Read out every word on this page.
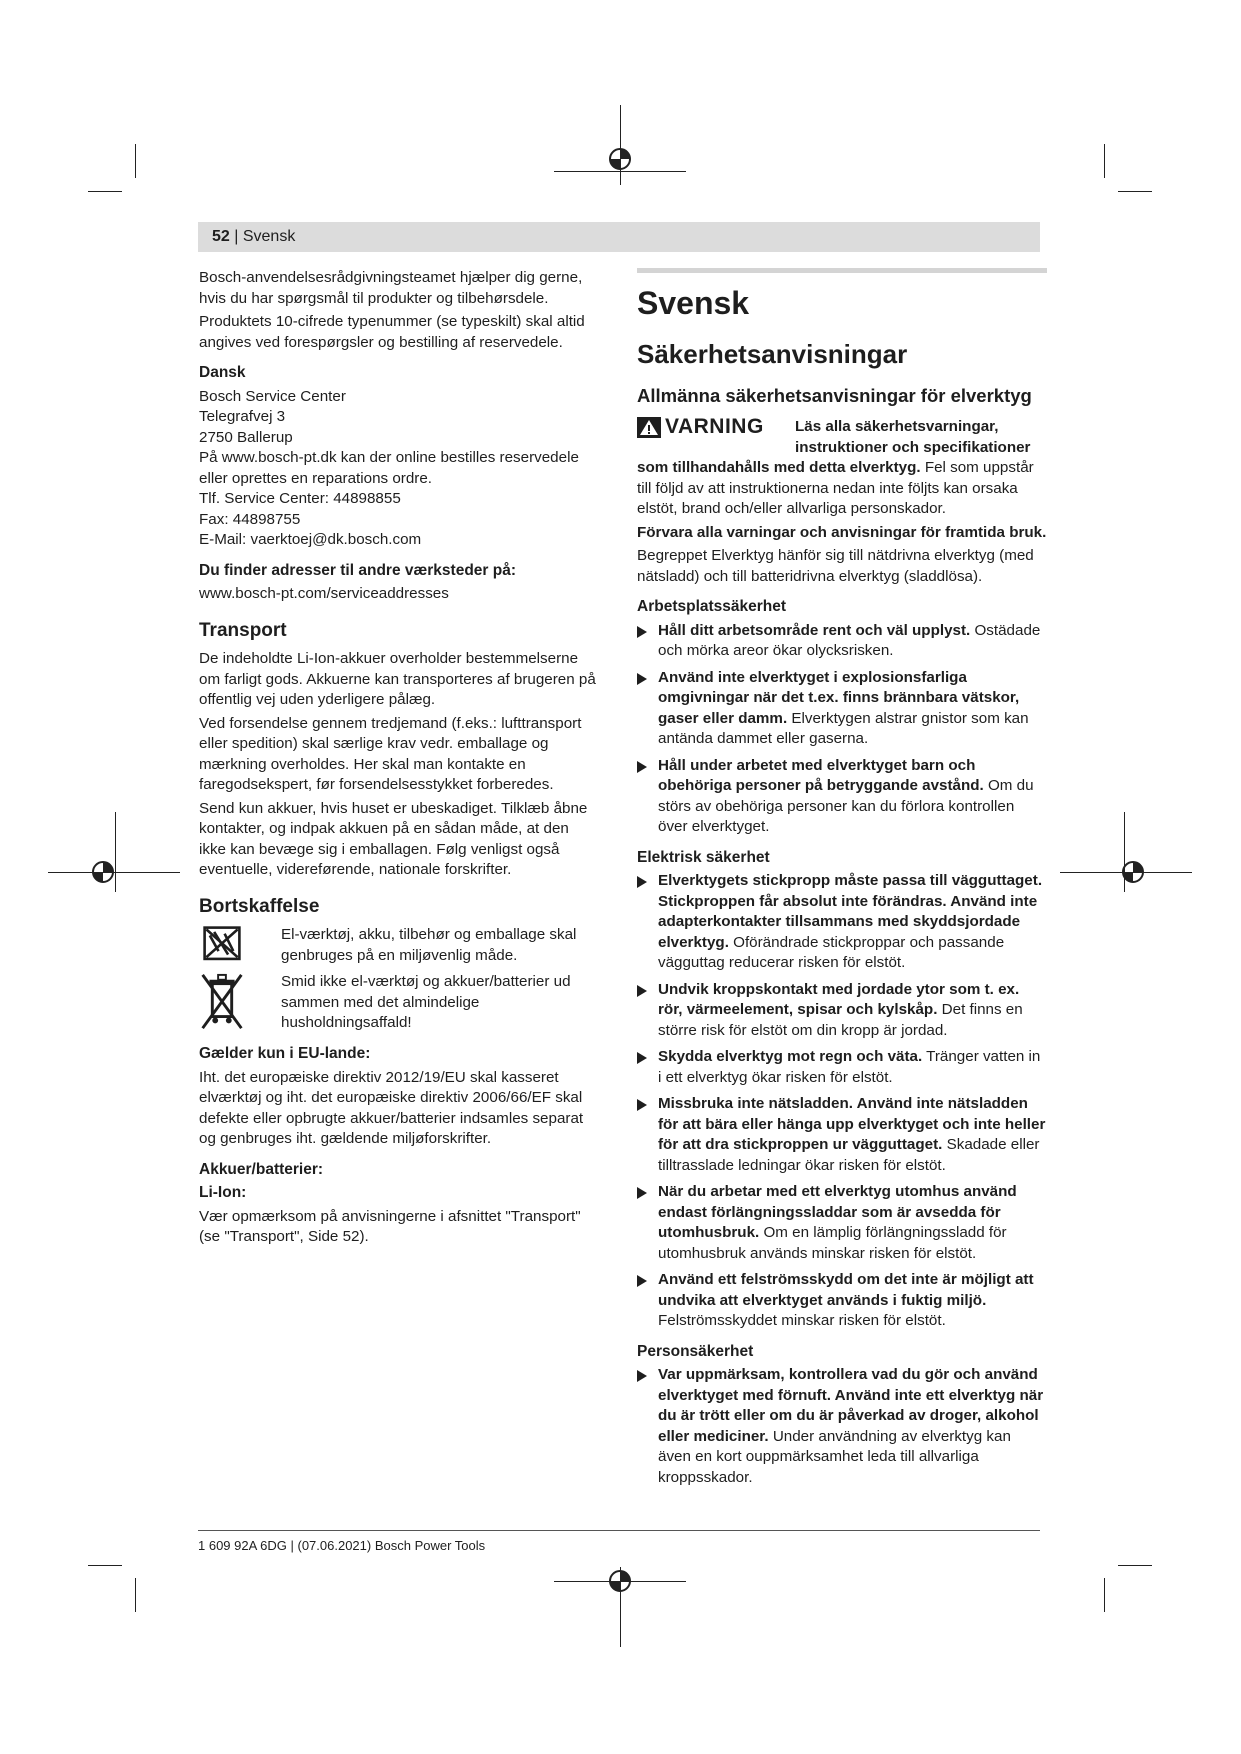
52 | Svensk

Bosch-anvendelsesrådgivningsteamet hjælper dig gerne, hvis du har spørgsmål til produkter og tilbehørsdele.

Produktets 10-cifrede typenummer (se typeskilt) skal altid angives ved forespørgsler og bestilling af reservedele.

Dansk
Bosch Service Center
Telegrafvej 3
2750 Ballerup
På www.bosch-pt.dk kan der online bestilles reservedele eller oprettes en reparations ordre.
Tlf. Service Center: 44898855
Fax: 44898755
E-Mail: vaerktoej@dk.bosch.com
Du finder adresser til andre værksteder på:
www.bosch-pt.com/serviceaddresses
Transport

De indeholdte Li-Ion-akkuer overholder bestemmelserne om farligt gods. Akkuerne kan transporteres af brugeren på offentlig vej uden yderligere pålæg.

Ved forsendelse gennem tredjemand (f.eks.: lufttransport eller spedition) skal særlige krav vedr. emballage og mærkning overholdes. Her skal man kontakte en faregodsekspert, før forsendelsesstykket forberedes.

Send kun akkuer, hvis huset er ubeskadiget. Tilklæb åbne kontakter, og indpak akkuen på en sådan måde, at den ikke kan bevæge sig i emballagen. Følg venligst også eventuelle, videreførende, nationale forskrifter.

Bortskaffelse
El-værktøj, akku, tilbehør og emballage skal genbruges på en miljøvenlig måde.
Smid ikke el-værktøj og akkuer/batterier ud sammen med det almindelige husholdningsaffald!
Gælder kun i EU-lande:

Iht. det europæiske direktiv 2012/19/EU skal kasseret elværktøj og iht. det europæiske direktiv 2006/66/EF skal defekte eller opbrugte akkuer/batterier indsamles separat og genbruges iht. gældende miljøforskrifter.

Akkuer/batterier:
Li-Ion:

Vær opmærksom på anvisningerne i afsnittet "Transport" (se "Transport", Side 52).

Svensk
Säkerhetsanvisningar
Allmänna säkerhetsanvisningar för elverktyg
VARNING Läs alla säkerhetsvarningar, instruktioner och specifikationer

som tillhandahålls med detta elverktyg. Fel som uppstår till följd av att instruktionerna nedan inte följts kan orsaka elstöt, brand och/eller allvarliga personskador.

Förvara alla varningar och anvisningar för framtida bruk.

Begreppet Elverktyg hänför sig till nätdrivna elverktyg (med nätsladd) och till batteridrivna elverktyg (sladdlösa).

Arbetsplatssäkerhet
Håll ditt arbetsområde rent och väl upplyst. Ostädade och mörka areor ökar olycksrisken.
Använd inte elverktyget i explosionsfarliga omgivningar när det t.ex. finns brännbara vätskor, gaser eller damm. Elverktygen alstrar gnistor som kan antända dammet eller gaserna.
Håll under arbetet med elverktyget barn och obehöriga personer på betryggande avstånd. Om du störs av obehöriga personer kan du förlora kontrollen över elverktyget.
Elektrisk säkerhet
Elverktygets stickpropp måste passa till vägguttaget. Stickproppen får absolut inte förändras. Använd inte adapterkontakter tillsammans med skyddsjordade elverktyg. Oförändrade stickproppar och passande vägguttag reducerar risken för elstöt.
Undvik kroppskontakt med jordade ytor som t. ex. rör, värmeelement, spisar och kylskåp. Det finns en större risk för elstöt om din kropp är jordad.
Skydda elverktyg mot regn och väta. Tränger vatten in i ett elverktyg ökar risken för elstöt.
Missbruka inte nätsladden. Använd inte nätsladden för att bära eller hänga upp elverktyget och inte heller för att dra stickproppen ur vägguttaget. Skadade eller tilltrasslade ledningar ökar risken för elstöt.
När du arbetar med ett elverktyg utomhus använd endast förlängningssladdar som är avsedda för utomhusbruk. Om en lämplig förlängningssladd för utomhusbruk används minskar risken för elstöt.
Använd ett felströmsskydd om det inte är möjligt att undvika att elverktyget används i fuktig miljö. Felströmsskyddet minskar risken för elstöt.
Personsäkerhet
Var uppmärksam, kontrollera vad du gör och använd elverktyget med förnuft. Använd inte ett elverktyg när du är trött eller om du är påverkad av droger, alkohol eller mediciner. Under användning av elverktyg kan även en kort ouppmärksamhet leda till allvarliga kroppsskador.
1 609 92A 6DG | (07.06.2021) Bosch Power Tools
